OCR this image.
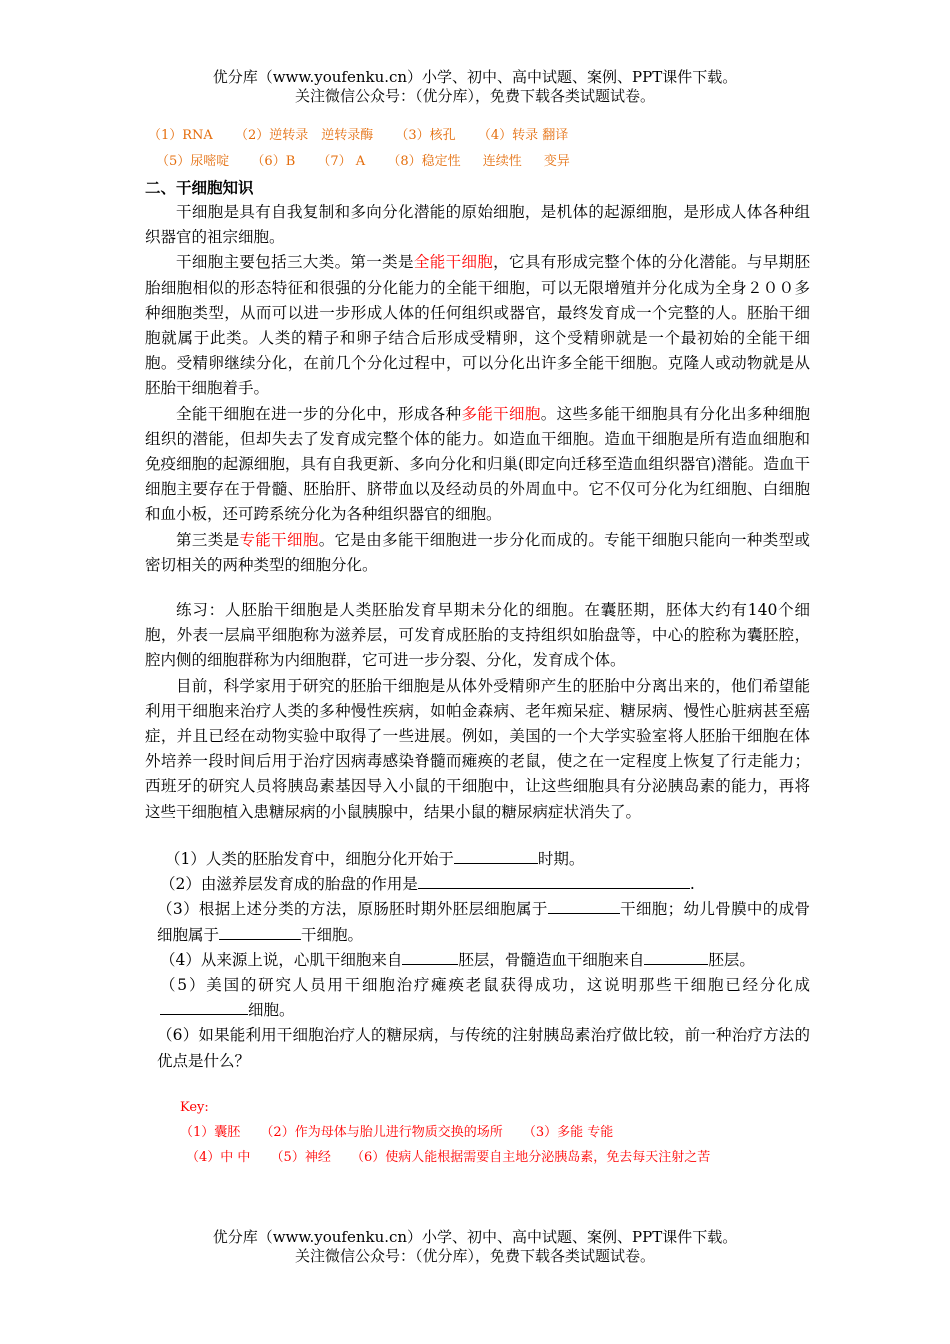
优分库（www.youfenku.cn）小学、初中、高中试题、案例、PPT课件下载。
关注微信公众号：（优分库），免费下载各类试题试卷。
（1）RNA （2）逆转录　逆转录酶 （3）核孔 （4）转录 翻译
（5）尿嘧啶 （6）B （7） A （8）稳定性 连续性 变异
二、干细胞知识

干细胞是具有自我复制和多向分化潜能的原始细胞，是机体的起源细胞，是形成人体各种组织器官的祖宗细胞。

干细胞主要包括三大类。第一类是全能干细胞，它具有形成完整个体的分化潜能。与早期胚胎细胞相似的形态特征和很强的分化能力的全能干细胞，可以无限增殖并分化成为全身２００多种细胞类型，从而可以进一步形成人体的任何组织或器官，最终发育成一个完整的人。胚胎干细胞就属于此类。人类的精子和卵子结合后形成受精卵，这个受精卵就是一个最初始的全能干细胞。受精卵继续分化，在前几个分化过程中，可以分化出许多全能干细胞。克隆人或动物就是从胚胎干细胞着手。

全能干细胞在进一步的分化中，形成各种多能干细胞。这些多能干细胞具有分化出多种细胞组织的潜能，但却失去了发育成完整个体的能力。如造血干细胞。造血干细胞是所有造血细胞和免疫细胞的起源细胞，具有自我更新、多向分化和归巢(即定向迁移至造血组织器官)潜能。造血干细胞主要存在于骨髓、胚胎肝、脐带血以及经动员的外周血中。它不仅可分化为红细胞、白细胞和血小板，还可跨系统分化为各种组织器官的细胞。

第三类是专能干细胞。它是由多能干细胞进一步分化而成的。专能干细胞只能向一种类型或密切相关的两种类型的细胞分化。

练习：人胚胎干细胞是人类胚胎发育早期未分化的细胞。在囊胚期，胚体大约有140个细胞，外表一层扁平细胞称为滋养层，可发育成胚胎的支持组织如胎盘等，中心的腔称为囊胚腔，腔内侧的细胞群称为内细胞群，它可进一步分裂、分化，发育成个体。

目前，科学家用于研究的胚胎干细胞是从体外受精卵产生的胚胎中分离出来的，他们希望能利用干细胞来治疗人类的多种慢性疾病，如帕金森病、老年痴呆症、糖尿病、慢性心脏病甚至癌症，并且已经在动物实验中取得了一些进展。例如，美国的一个大学实验室将人胚胎干细胞在体外培养一段时间后用于治疗因病毒感染脊髓而瘫痪的老鼠，使之在一定程度上恢复了行走能力；西班牙的研究人员将胰岛素基因导入小鼠的干细胞中，让这些细胞具有分泌胰岛素的能力，再将这些干细胞植入患糖尿病的小鼠胰腺中，结果小鼠的糖尿病症状消失了。

（1）人类的胚胎发育中，细胞分化开始于	时期。

（2）由滋养层发育成的胎盘的作用是	.

（3）根据上述分类的方法，原肠胚时期外胚层细胞属于	干细胞；幼儿骨膜中的成骨细胞属于	干细胞。

（4）从来源上说，心肌干细胞来自	胚层，骨髓造血干细胞来自	胚层。

（5）美国的研究人员用干细胞治疗瘫痪老鼠获得成功，这说明那些干细胞已经分化成细胞。

（6）如果能利用干细胞治疗人的糖尿病，与传统的注射胰岛素治疗做比较，前一种治疗方法的优点是什么？

Key:
（1）囊胚 （2）作为母体与胎儿进行物质交换的场所 （3）多能 专能
（4）中 中 （5）神经 （6）使病人能根据需要自主地分泌胰岛素，免去每天注射之苦
优分库（www.youfenku.cn）小学、初中、高中试题、案例、PPT课件下载。
关注微信公众号：（优分库），免费下载各类试题试卷。
